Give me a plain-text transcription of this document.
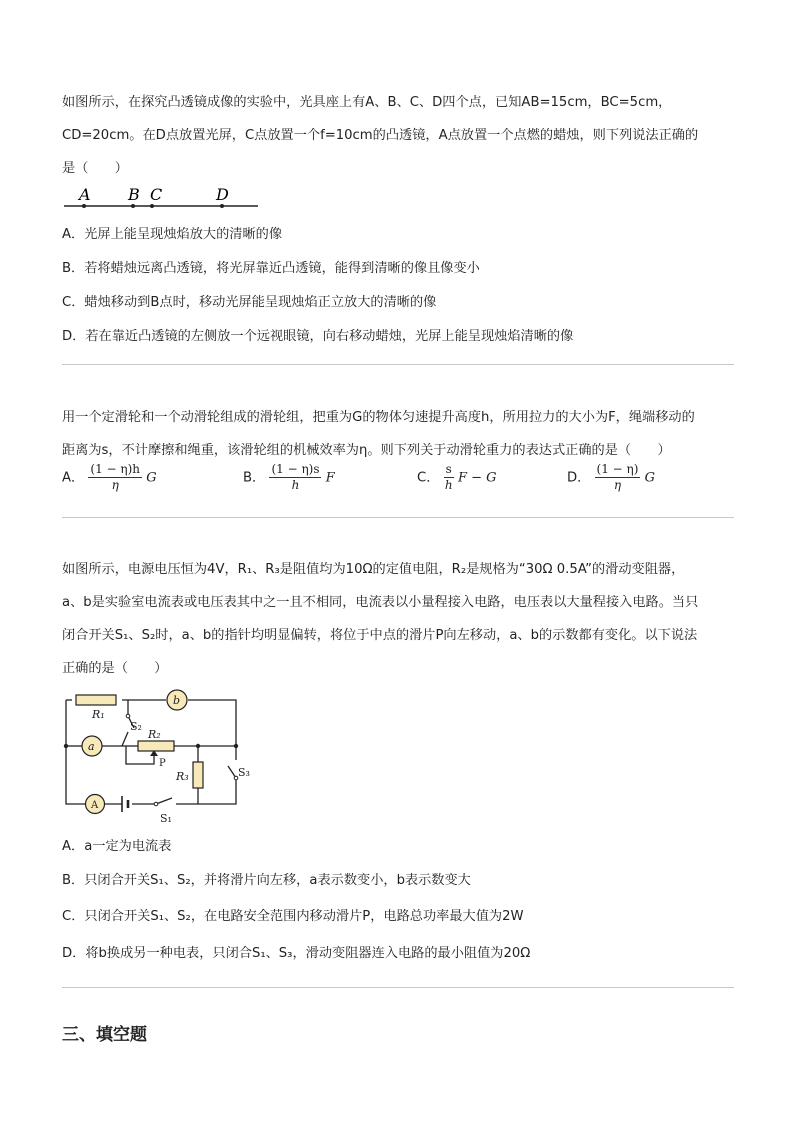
如图所示，在探究凸透镜成像的实验中，光具座上有A、B、C、D四个点，已知AB=15cm，BC=5cm，
CD=20cm。在D点放置光屏，C点放置一个f=10cm的凸透镜，A点放置一个点燃的蜡烛，则下列说法正确的
是（　　）
A B C	D
A．光屏上能呈现烛焰放大的清晰的像
B．若将蜡烛远离凸透镜，将光屏靠近凸透镜，能得到清晰的像且像变小
C．蜡烛移动到B点时，移动光屏能呈现烛焰正立放大的清晰的像
D．若在靠近凸透镜的左侧放一个远视眼镜，向右移动蜡烛，光屏上能呈现烛焰清晰的像
用一个定滑轮和一个动滑轮组成的滑轮组，把重为G的物体匀速提升高度h，所用拉力的大小为F，绳端移动的
距离为s，不计摩擦和绳重，该滑轮组的机械效率为η。则下列关于动滑轮重力的表达式正确的是（　　）
A． $\frac{(1 - \eta)h}{\eta}$ G	B． $\frac{(1 - \eta)s}{h}$ F	C． $\frac{s}{h}$ F − G	D． $\frac{(1 - \eta)}{\eta}$ G
如图所示，电源电压恒为4V，R₁、R₃是阻值均为10Ω的定值电阻，R₂是规格为“30Ω 0.5A”的滑动变阻器，
a、b是实验室电流表或电压表其中之一且不相同，电流表以小量程接入电路，电压表以大量程接入电路。当只
闭合开关S₁、S₂时，a、b的指针均明显偏转，将位于中点的滑片P向左移动，a、b的示数都有变化。以下说法
正确的是（　　）
b
a
A
R₁
R₂
R₃
S₂
S₃
S₁
P
A．a一定为电流表
B．只闭合开关S₁、S₂，并将滑片向左移，a表示数变小，b表示数变大
C．只闭合开关S₁、S₂，在电路安全范围内移动滑片P，电路总功率最大值为2W
D．将b换成另一种电表，只闭合S₁、S₃，滑动变阻器连入电路的最小阻值为20Ω
三、填空题
